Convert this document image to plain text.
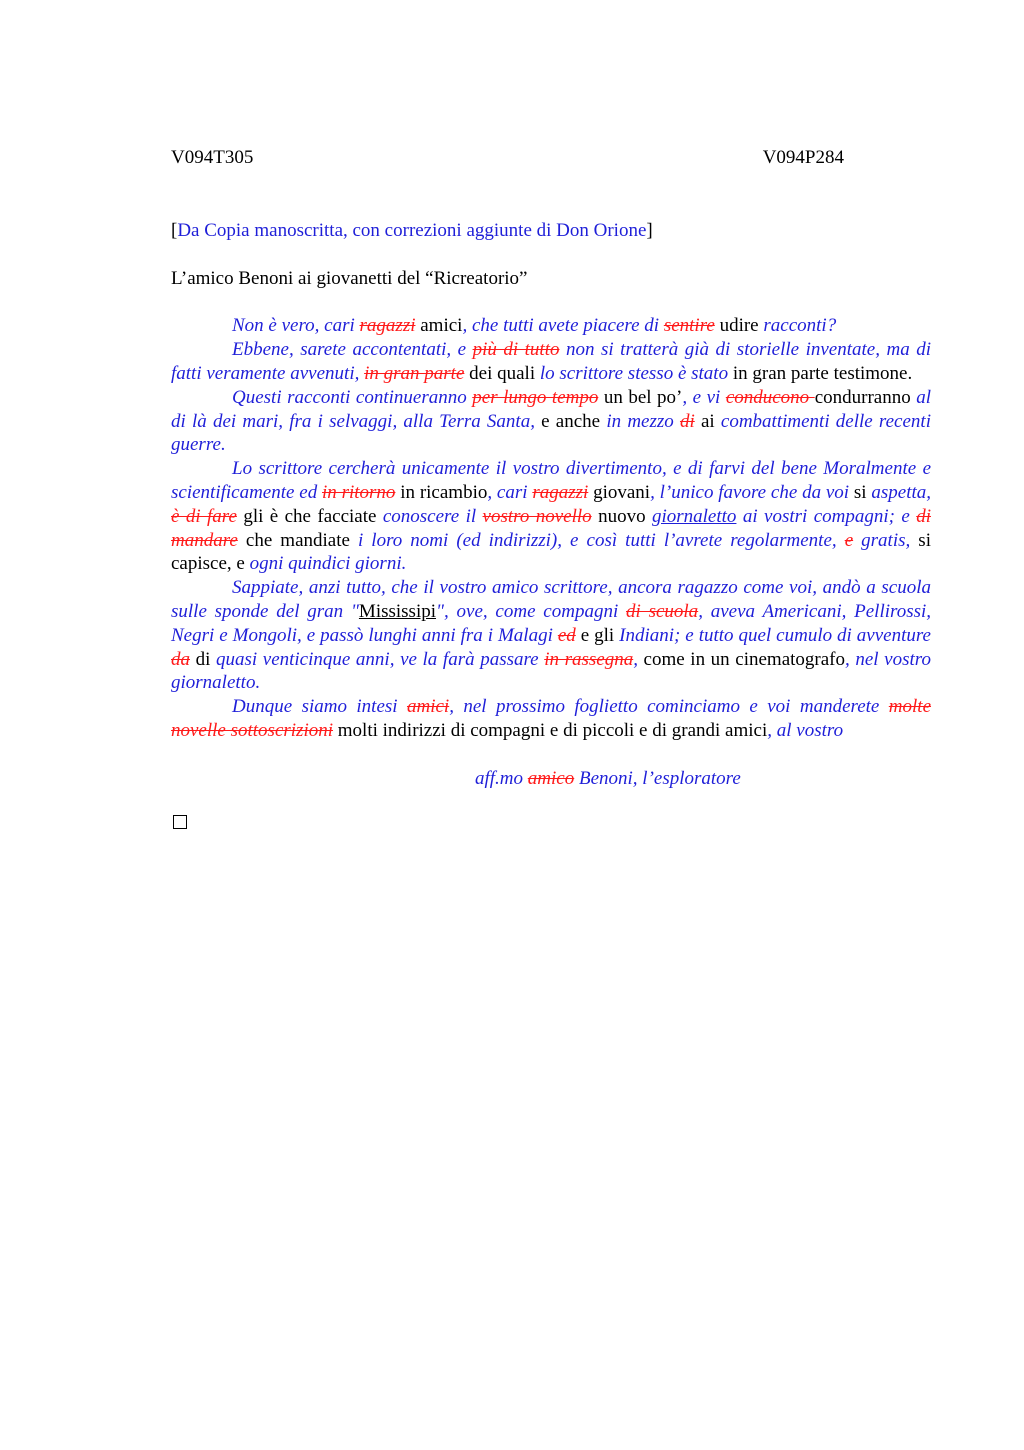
V094T305	V094P284
[Da Copia manoscritta, con correzioni aggiunte di Don Orione]
L’amico Benoni ai giovanetti del “Ricreatorio”

Non è vero, cari ragazzi amici, che tutti avete piacere di sentire udire racconti?

Ebbene, sarete accontentati, e più di tutto non si tratterà già di storielle inventate, ma di fatti veramente avvenuti, in gran parte dei quali lo scrittore stesso è stato in gran parte testimone.

Questi racconti continueranno per lungo tempo un bel po’, e vi conducono condurranno al di là dei mari, fra i selvaggi, alla Terra Santa, e anche in mezzo di ai combattimenti delle recenti guerre.

Lo scrittore cercherà unicamente il vostro divertimento, e di farvi del bene Moralmente e scientificamente ed in ritorno in ricambio, cari ragazzi giovani, l’unico favore che da voi si aspetta, è di fare gli è che facciate conoscere il vostro novello nuovo giornaletto ai vostri compagni; e di mandare che mandiate i loro nomi (ed indirizzi), e così tutti l’avrete regolarmente, e gratis, si capisce, e ogni quindici giorni.

Sappiate, anzi tutto, che il vostro amico scrittore, ancora ragazzo come voi, andò a scuola sulle sponde del gran "Mississipi", ove, come compagni di scuola, aveva Americani, Pellirossi, Negri e Mongoli, e passò lunghi anni fra i Malagi ed e gli Indiani; e tutto quel cumulo di avventure da di quasi venticinque anni, ve la farà passare in rassegna, come in un cinematografo, nel vostro giornaletto.

Dunque siamo intesi amici, nel prossimo foglietto cominciamo e voi manderete molte novelle sottoscrizioni molti indirizzi di compagni e di piccoli e di grandi amici, al vostro

aff.mo amico Benoni, l’esploratore
